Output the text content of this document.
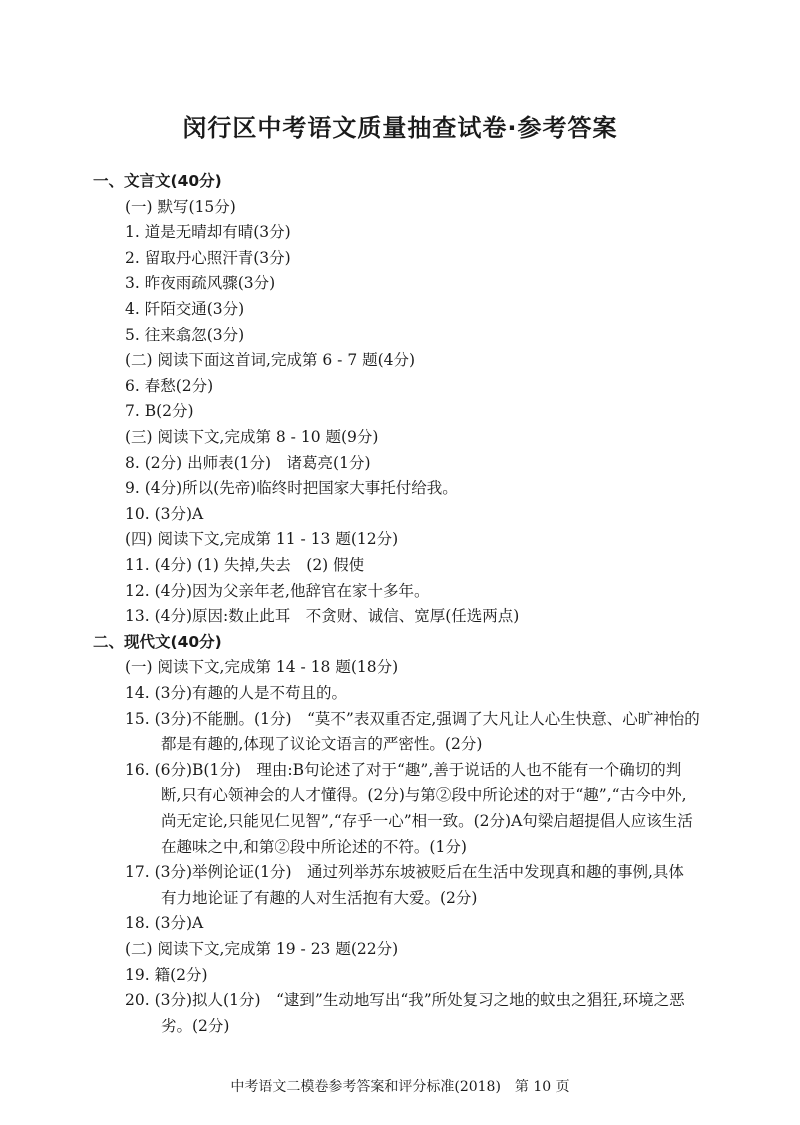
闵行区中考语文质量抽查试卷·参考答案
一、文言文(40分)
(一) 默写(15分)
1. 道是无晴却有晴(3分)
2. 留取丹心照汗青(3分)
3. 昨夜雨疏风骤(3分)
4. 阡陌交通(3分)
5. 往来翕忽(3分)
(二) 阅读下面这首词,完成第 6 - 7 题(4分)
6. 春愁(2分)
7. B(2分)
(三) 阅读下文,完成第 8 - 10 题(9分)
8. (2分) 出师表(1分)　诸葛亮(1分)
9. (4分)所以(先帝)临终时把国家大事托付给我。
10. (3分)A
(四) 阅读下文,完成第 11 - 13 题(12分)
11. (4分) (1) 失掉,失去　(2) 假使
12. (4分)因为父亲年老,他辞官在家十多年。
13. (4分)原因:数止此耳　不贪财、诚信、宽厚(任选两点)
二、现代文(40分)
(一) 阅读下文,完成第 14 - 18 题(18分)
14. (3分)有趣的人是不苟且的。
15. (3分)不能删。(1分)　“莫不”表双重否定,强调了大凡让人心生快意、心旷神怡的
都是有趣的,体现了议论文语言的严密性。(2分)
16. (6分)B(1分)　理由:B句论述了对于“趣”,善于说话的人也不能有一个确切的判
断,只有心领神会的人才懂得。(2分)与第②段中所论述的对于“趣”,“古今中外,
尚无定论,只能见仁见智”,“存乎一心”相一致。(2分)A句梁启超提倡人应该生活
在趣味之中,和第②段中所论述的不符。(1分)
17. (3分)举例论证(1分)　通过列举苏东坡被贬后在生活中发现真和趣的事例,具体
有力地论证了有趣的人对生活抱有大爱。(2分)
18. (3分)A
(二) 阅读下文,完成第 19 - 23 题(22分)
19. 籍(2分)
20. (3分)拟人(1分)　“逮到”生动地写出“我”所处复习之地的蚊虫之猖狂,环境之恶
劣。(2分)
中考语文二模卷参考答案和评分标准(2018)　第 10 页
